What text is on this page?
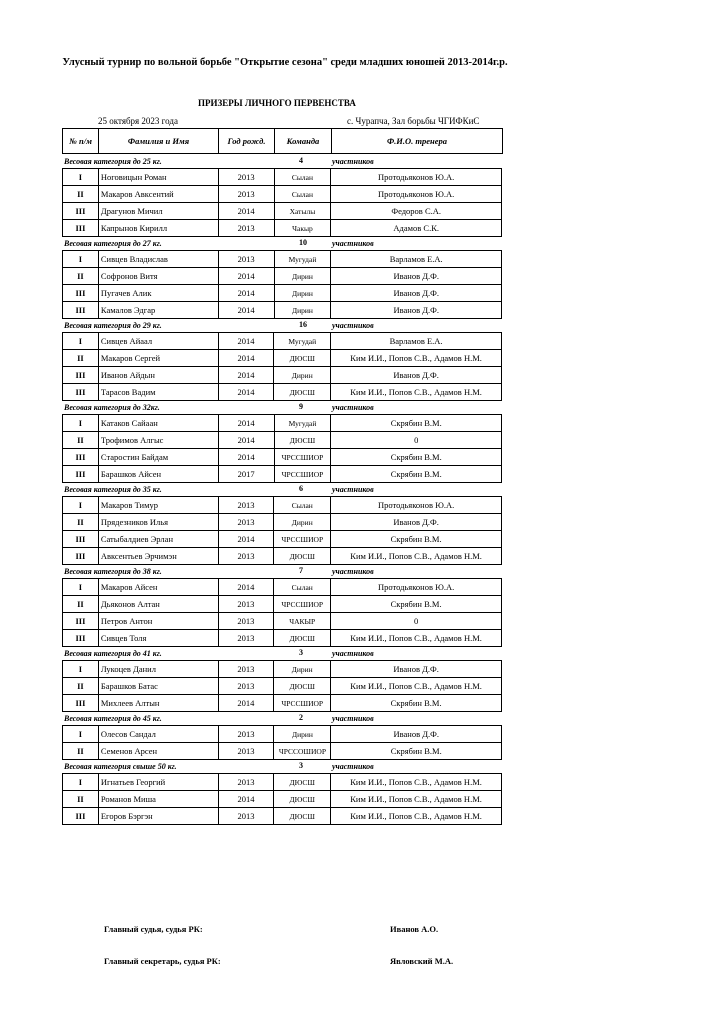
Улусный турнир по вольной борьбе "Открытие сезона" среди младших юношей 2013-2014г.р.
ПРИЗЕРЫ ЛИЧНОГО ПЕРВЕНСТВА
25 октября 2023 года	с. Чурапча, Зал борьбы ЧГИФКиС
№ п/м	Фамилия и Имя	Год рожд.	Команда	Ф.И.О. тренера
Весовая категория до 25 кг.	4	участников
I	Ноговицын Роман	2013	Сылан	Протодьяконов Ю.А.
II	Макаров Авксентий	2013	Сылан	Протодьяконов Ю.А.
III	Драгунов Мичил	2014	Хатылы	Федоров С.А.
III	Капрынов Кирилл	2013	Чакыр	Адамов С.К.
Весовая категория до 27 кг.	10	участников
I	Сивцев Владислав	2013	Мугудай	Варламов Е.А.
II	Софронов Витя	2014	Дирин	Иванов Д.Ф.
III	Пугачев Алик	2014	Дирин	Иванов Д.Ф.
III	Камалов Эдгар	2014	Дирин	Иванов Д.Ф.
Весовая категория до 29 кг.	16	участников
I	Сивцев Айаал	2014	Мугудай	Варламов Е.А.
II	Макаров Сергей	2014	ДЮСШ	Ким И.И., Попов С.В., Адамов Н.М.
III	Иванов Айдын	2014	Дирин	Иванов Д.Ф.
III	Тарасов Вадим	2014	ДЮСШ	Ким И.И., Попов С.В., Адамов Н.М.
Весовая категория до 32кг.	9	участников
I	Катаков Сайаан	2014	Мугудай	Скрябин В.М.
II	Трофимов Алгыс	2014	ДЮСШ	0
III	Старостин Байдам	2014	ЧРССШИОР	Скрябин В.М.
III	Барашков Айсен	2017	ЧРССШИОР	Скрябин В.М.
Весовая категория до 35 кг.	6	участников
I	Макаров Тимур	2013	Сылан	Протодьяконов Ю.А.
II	Прядезников Илья	2013	Дирин	Иванов Д.Ф.
III	Сатыбалдиев Эрлан	2014	ЧРССШИОР	Скрябин В.М.
III	Авксентьев Эрчимэн	2013	ДЮСШ	Ким И.И., Попов С.В., Адамов Н.М.
Весовая категория до 38 кг.	7	участников
I	Макаров Айсен	2014	Сылан	Протодьяконов Ю.А.
II	Дьяконов Алтан	2013	ЧРССШИОР	Скрябин В.М.
III	Петров Антон	2013	ЧАКЫР	0
III	Сивцев Толя	2013	ДЮСШ	Ким И.И., Попов С.В., Адамов Н.М.
Весовая категория до 41 кг.	3	участников
I	Лукоцев Данил	2013	Дирин	Иванов Д.Ф.
II	Барашков Батас	2013	ДЮСШ	Ким И.И., Попов С.В., Адамов Н.М.
III	Михлеев Алтын	2014	ЧРССШИОР	Скрябин В.М.
Весовая категория до 45 кг.	2	участников
I	Олесов Сандал	2013	Дирин	Иванов Д.Ф.
II	Семенов Арсен	2013	ЧРССОШИОР	Скрябин В.М.
Весовая категория свыше 50 кг.	3	участников
I	Игнатьев Георгий	2013	ДЮСШ	Ким И.И., Попов С.В., Адамов Н.М.
II	Романов Миша	2014	ДЮСШ	Ким И.И., Попов С.В., Адамов Н.М.
III	Егоров Бэргэн	2013	ДЮСШ	Ким И.И., Попов С.В., Адамов Н.М.
Главный судья, судья РК:	Иванов А.О.
Главный секретарь, судья РК:	Явловский М.А.
